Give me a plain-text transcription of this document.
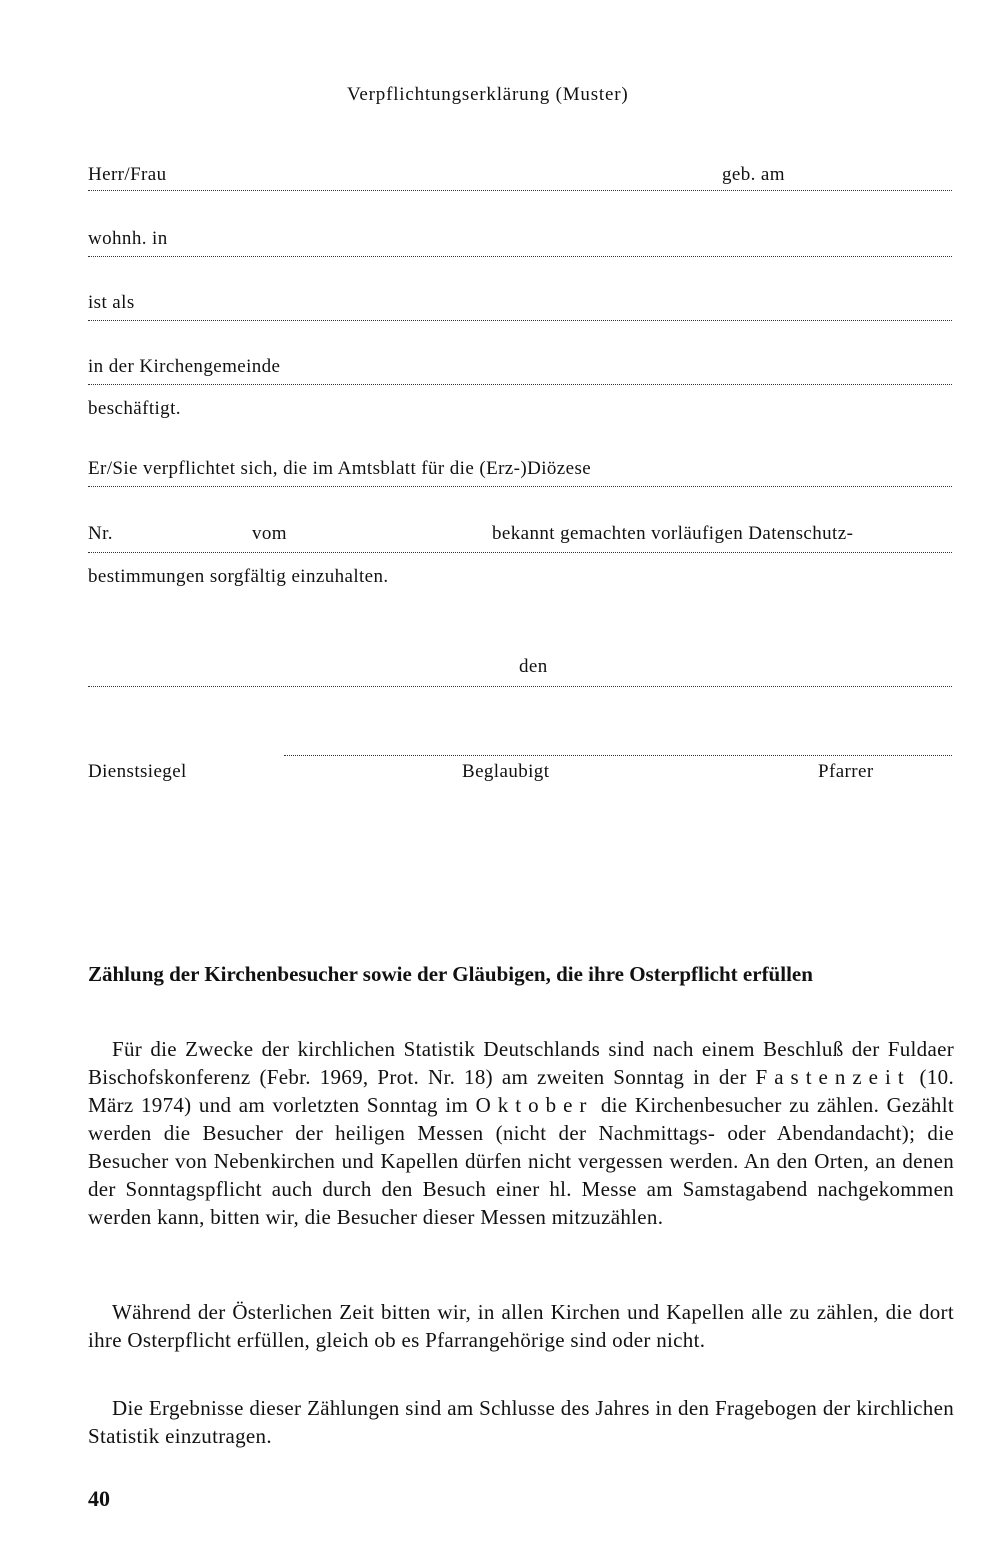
Verpflichtungserklärung (Muster)
Herr/Frau	geb. am
wohnh. in
ist als
in der Kirchengemeinde
beschäftigt.
Er/Sie verpflichtet sich, die im Amtsblatt für die (Erz-)Diözese
Nr.	vom	bekannt gemachten vorläufigen Datenschutz-
bestimmungen sorgfältig einzuhalten.
den
Dienstsiegel	Beglaubigt	Pfarrer
Zählung der Kirchenbesucher sowie der Gläubigen, die ihre Osterpflicht erfüllen

Für die Zwecke der kirchlichen Statistik Deutschlands sind nach einem Beschluß der Fuldaer Bischofskonferenz (Febr. 1969, Prot. Nr. 18) am zweiten Sonntag in der Fastenzeit (10. März 1974) und am vorletzten Sonntag im Oktober die Kirchenbesucher zu zählen. Gezählt werden die Besucher der heiligen Messen (nicht der Nachmittags- oder Abendandacht); die Besucher von Nebenkirchen und Kapellen dürfen nicht vergessen werden. An den Orten, an denen der Sonntagspflicht auch durch den Besuch einer hl. Messe am Samstagabend nachgekommen werden kann, bitten wir, die Besucher dieser Messen mitzuzählen.

Während der Österlichen Zeit bitten wir, in allen Kirchen und Kapellen alle zu zählen, die dort ihre Osterpflicht erfüllen, gleich ob es Pfarrangehörige sind oder nicht.

Die Ergebnisse dieser Zählungen sind am Schlusse des Jahres in den Fragebogen der kirchlichen Statistik einzutragen.

40
